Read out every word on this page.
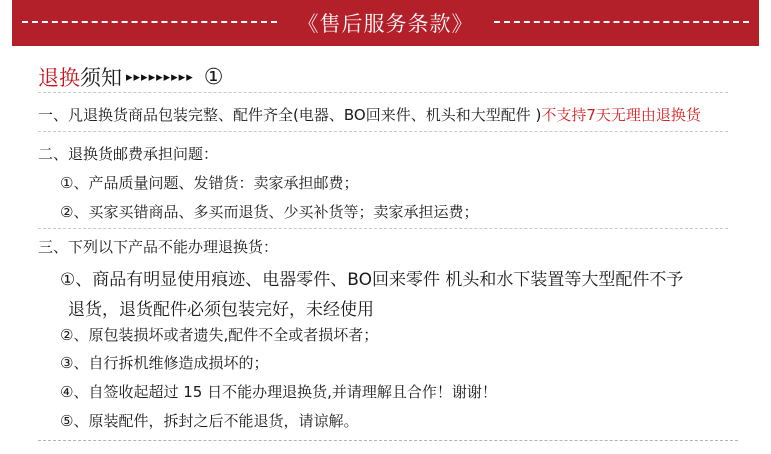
《售后服务条款》
退换 须知 ▸▸▸▸▸▸▸▸▸ ①
一、凡退换货商品包装完整、配件齐全(电器、BO回来件、机头和大型配件 )不支持7天无理由退换货
二、退换货邮费承担问题：
①、产品质量问题、发错货：卖家承担邮费；
②、买家买错商品、多买而退货、少买补货等；卖家承担运费；
三、下列以下产品不能办理退换货：
①、商品有明显使用痕迹、电器零件、BO回来零件 机头和水下装置等大型配件不予
退货，退货配件必须包装完好，未经使用
②、原包装损坏或者遗失,配件不全或者损坏者；
③、自行拆机维修造成损坏的；
④、自签收起超过 15 日不能办理退换货,并请理解且合作！谢谢！
⑤、原装配件，拆封之后不能退货，请谅解。
